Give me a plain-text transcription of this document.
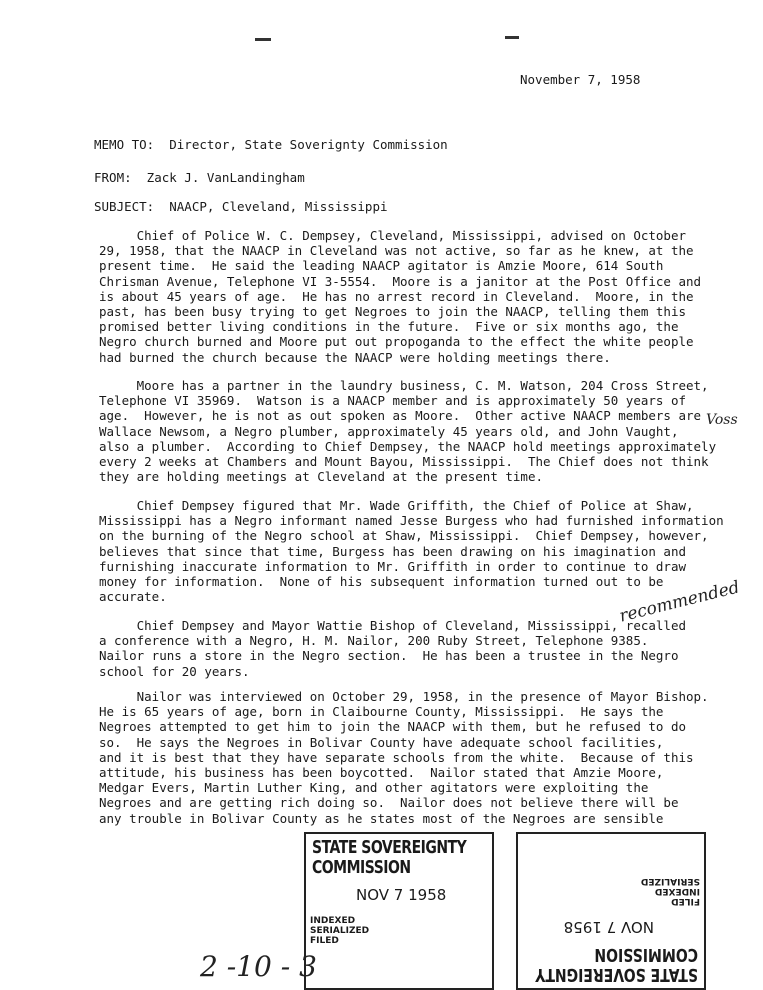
November 7, 1958
MEMO TO:  Director, State Soverignty Commission
FROM:  Zack J. VanLandingham
SUBJECT:  NAACP, Cleveland, Mississippi
Chief of Police W. C. Dempsey, Cleveland, Mississippi, advised on October
29, 1958, that the NAACP in Cleveland was not active, so far as he knew, at the
present time.  He said the leading NAACP agitator is Amzie Moore, 614 South
Chrisman Avenue, Telephone VI 3-5554.  Moore is a janitor at the Post Office and
is about 45 years of age.  He has no arrest record in Cleveland.  Moore, in the
past, has been busy trying to get Negroes to join the NAACP, telling them this
promised better living conditions in the future.  Five or six months ago, the
Negro church burned and Moore put out propoganda to the effect the white people
had burned the church because the NAACP were holding meetings there.
Moore has a partner in the laundry business, C. M. Watson, 204 Cross Street,
Telephone VI 35969.  Watson is a NAACP member and is approximately 50 years of
age.  However, he is not as out spoken as Moore.  Other active NAACP members are
Wallace Newsom, a Negro plumber, approximately 45 years old, and John Vaught,
also a plumber.  According to Chief Dempsey, the NAACP hold meetings approximately
every 2 weeks at Chambers and Mount Bayou, Mississippi.  The Chief does not think
they are holding meetings at Cleveland at the present time.
Chief Dempsey figured that Mr. Wade Griffith, the Chief of Police at Shaw,
Mississippi has a Negro informant named Jesse Burgess who had furnished information
on the burning of the Negro school at Shaw, Mississippi.  Chief Dempsey, however,
believes that since that time, Burgess has been drawing on his imagination and
furnishing inaccurate information to Mr. Griffith in order to continue to draw
money for information.  None of his subsequent information turned out to be
accurate.
Chief Dempsey and Mayor Wattie Bishop of Cleveland, Mississippi, recalled
a conference with a Negro, H. M. Nailor, 200 Ruby Street, Telephone 9385.
Nailor runs a store in the Negro section.  He has been a trustee in the Negro
school for 20 years.
Nailor was interviewed on October 29, 1958, in the presence of Mayor Bishop.
He is 65 years of age, born in Claibourne County, Mississippi.  He says the
Negroes attempted to get him to join the NAACP with them, but he refused to do
so.  He says the Negroes in Bolivar County have adequate school facilities,
and it is best that they have separate schools from the white.  Because of this
attitude, his business has been boycotted.  Nailor stated that Amzie Moore,
Medgar Evers, Martin Luther King, and other agitators were exploiting the
Negroes and are getting rich doing so.  Nailor does not believe there will be
any trouble in Bolivar County as he states most of the Negroes are sensible
STATE SOVEREIGNTY COMMISSION
NOV 7 1958
INDEXED
SERIALIZED
FILED
STATE SOVEREIGNTY COMMISSION
NOV 7 1958
FILED
INDEXED
SERIALIZED
recommended
Voss
2 -10 - 3
